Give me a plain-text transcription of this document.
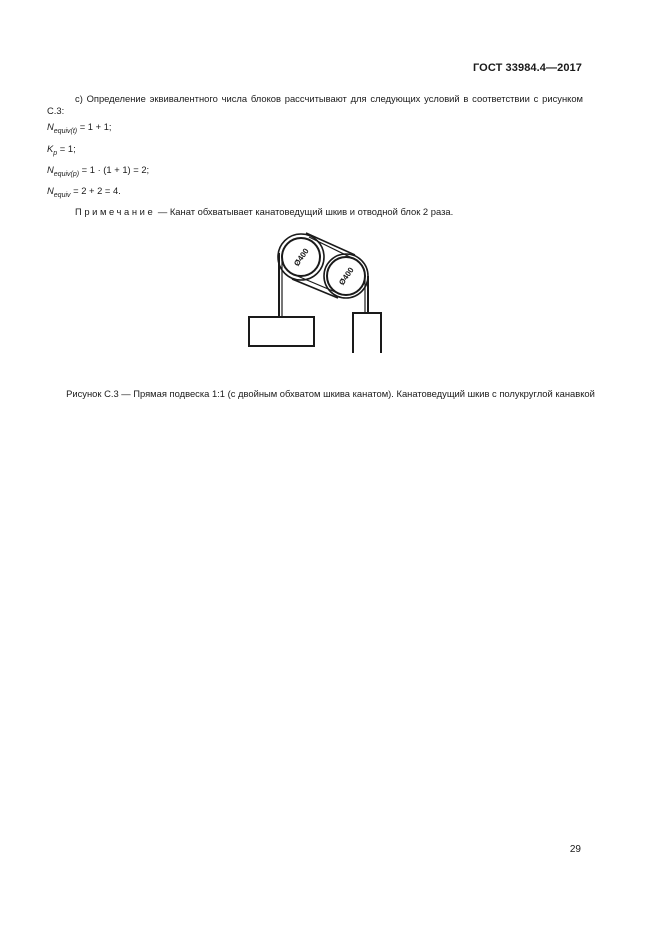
ГОСТ 33984.4—2017
с) Определение эквивалентного числа блоков рассчитывают для следующих условий в соответствии с рисунком С.3:
$N_{equiv(t)} = 1 + 1$;
$K_p = 1$;
$N_{equiv(p)} = 1 \cdot (1 + 1) = 2$;
$N_{equiv} = 2 + 2 = 4$.
Примечание — Канат обхватывает канатоведущий шкив и отводной блок 2 раза.
Ø400
Ø400
Рисунок С.3 — Прямая подвеска 1:1 (с двойным обхватом шкива канатом). Канатоведущий шкив с полукруглой канавкой
29
